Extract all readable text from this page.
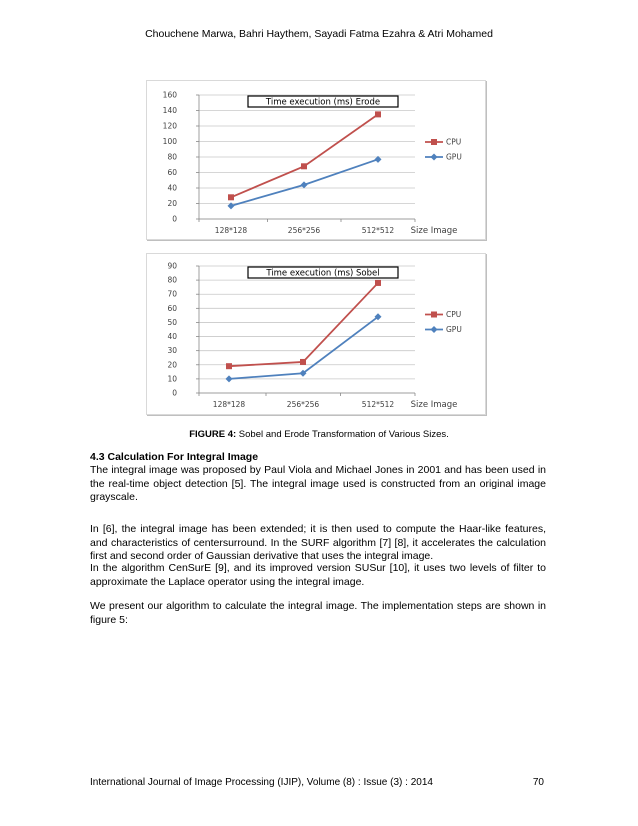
Chouchene Marwa, Bahri Haythem, Sayadi Fatma Ezahra & Atri Mohamed
0
20
40
60
80
100
120
140
160
128*128	256*256	512*512 Size Image
CPU
GPU
Time execution (ms) Erode
0
10
20
30
40
50
60
70
80
90
128*128	256*256	512*512 Size Image
CPU
GPU
Time execution (ms) Sobel
FIGURE 4: Sobel and Erode Transformation of Various Sizes.
4.3 Calculation For Integral Image

The integral image was proposed by Paul Viola and Michael Jones in 2001 and has been used in the real-time object detection [5]. The integral image used is constructed from an original image grayscale.

In [6], the integral image has been extended; it is then used to compute the Haar-like features, and characteristics of centersurround. In the SURF algorithm [7] [8], it accelerates the calculation first and second order of Gaussian derivative that uses the integral image.

In the algorithm CenSurE [9], and its improved version SUSur [10], it uses two levels of filter to approximate the Laplace operator using the integral image.

We present our algorithm to calculate the integral image. The implementation steps are shown in figure 5:

International Journal of Image Processing (IJIP), Volume (8) : Issue (3) : 2014	70
